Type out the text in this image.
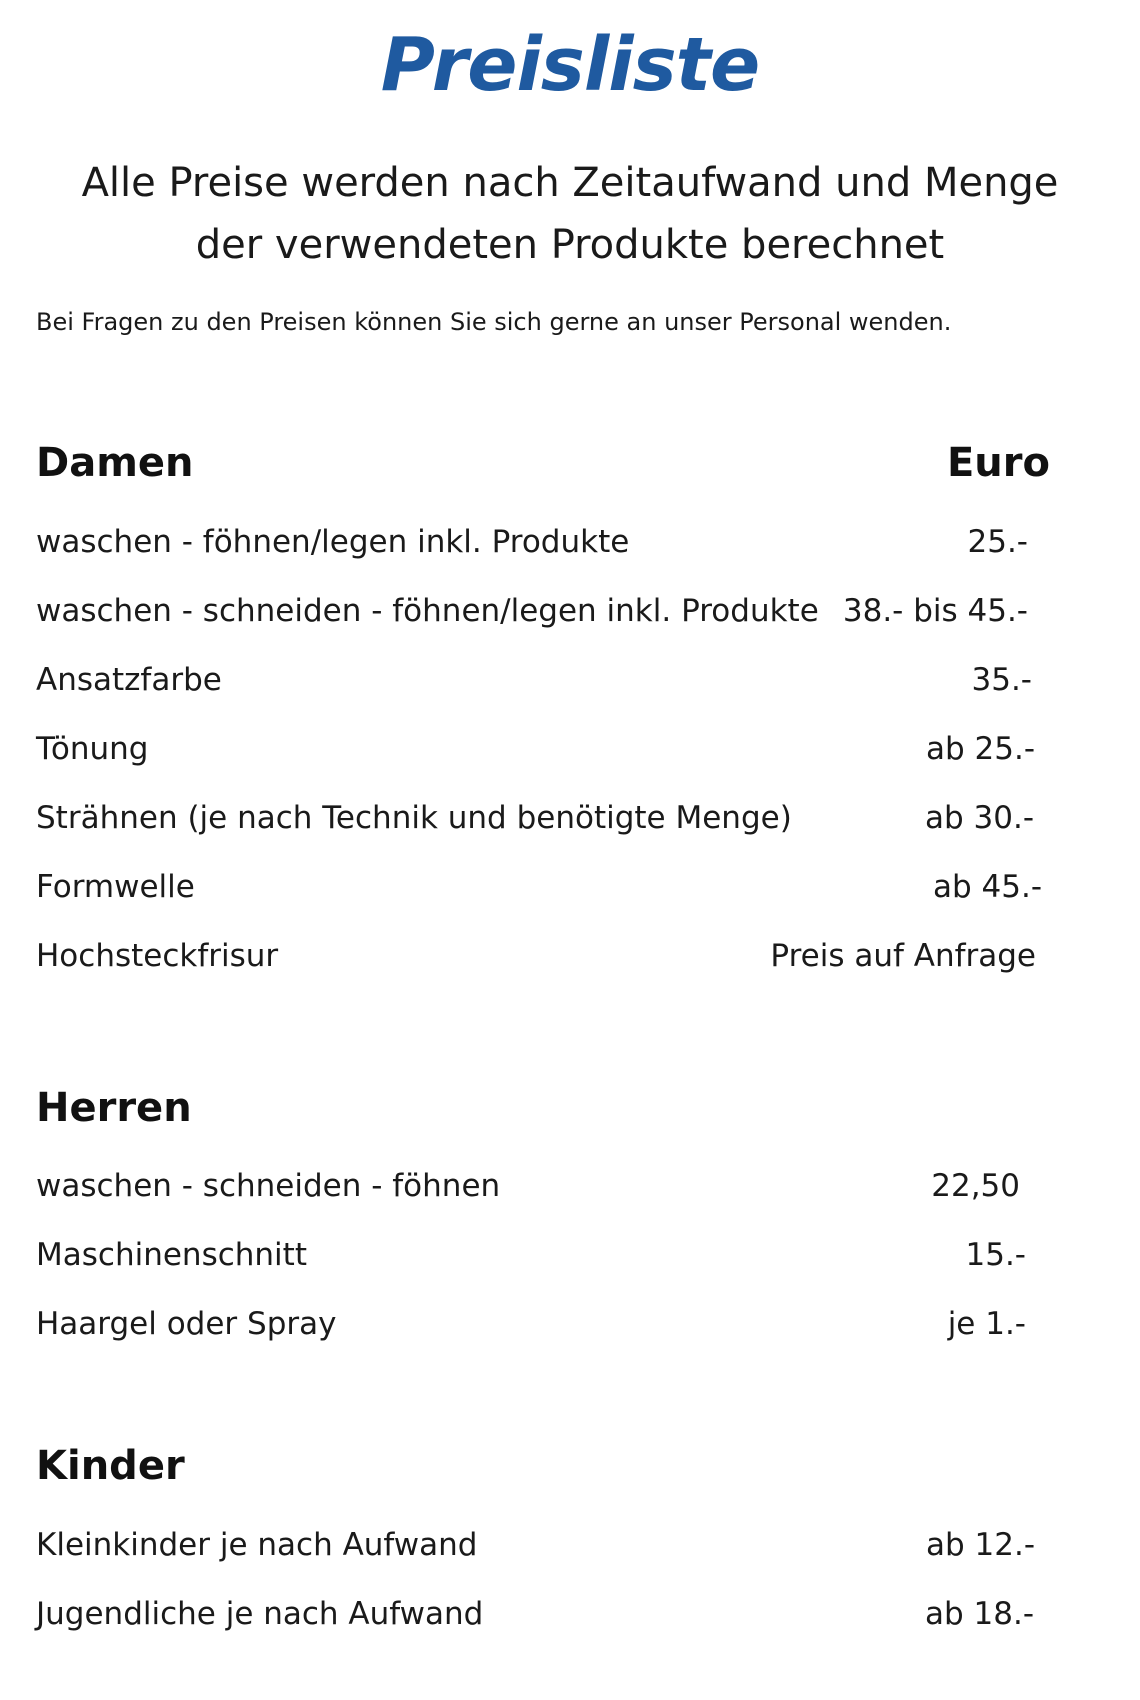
Preisliste
Alle Preise werden nach Zeitaufwand und Menge
der verwendeten Produkte berechnet
Bei Fragen zu den Preisen können Sie sich gerne an unser Personal wenden.
Damen	Euro
waschen - föhnen/legen inkl. Produkte	25.-
waschen - schneiden - föhnen/legen inkl. Produkte 38.- bis 45.-
Ansatzfarbe	35.-
Tönung	ab 25.-
Strähnen (je nach Technik und benötigte Menge)	ab 30.-
Formwelle	ab 45.-
Hochsteckfrisur	Preis auf Anfrage
Herren
waschen - schneiden - föhnen	22,50
Maschinenschnitt	15.-
Haargel oder Spray	je 1.-
Kinder
Kleinkinder je nach Aufwand	ab 12.-
Jugendliche je nach Aufwand	ab 18.-
